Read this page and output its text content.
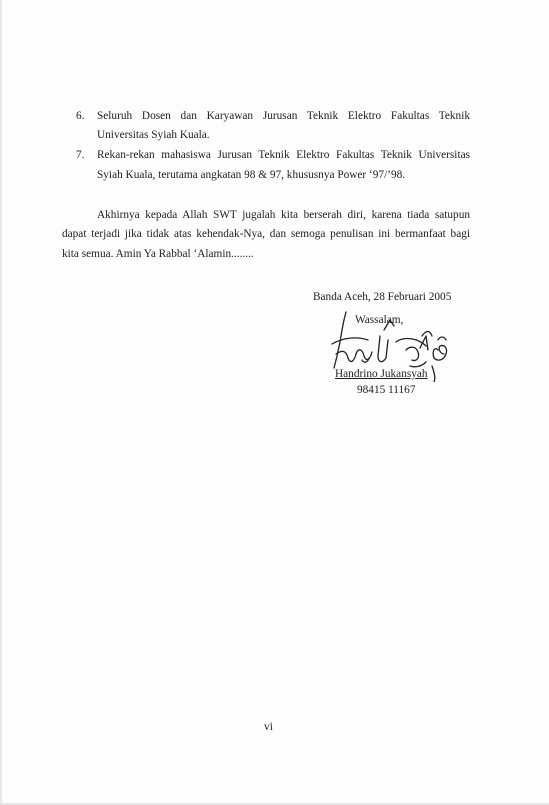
6. Seluruh Dosen dan Karyawan Jurusan Teknik Elektro Fakultas Teknik
Universitas Syiah Kuala.
7. Rekan-rekan mahasiswa Jurusan Teknik Elektro Fakultas Teknik Universitas
Syiah Kuala, terutama angkatan 98 & 97, khususnya Power ‘97/’98.
Akhirnya kepada Allah SWT jugalah kita berserah diri, karena tiada satupun
dapat terjadi jika tidak atas kehendak-Nya, dan semoga penulisan ini bermanfaat bagi
kita semua. Amin Ya Rabbal ‘Alamin........
Banda Aceh, 28 Februari 2005
Wassalam,
Handrino Jukansyah
98415 11167
vi
